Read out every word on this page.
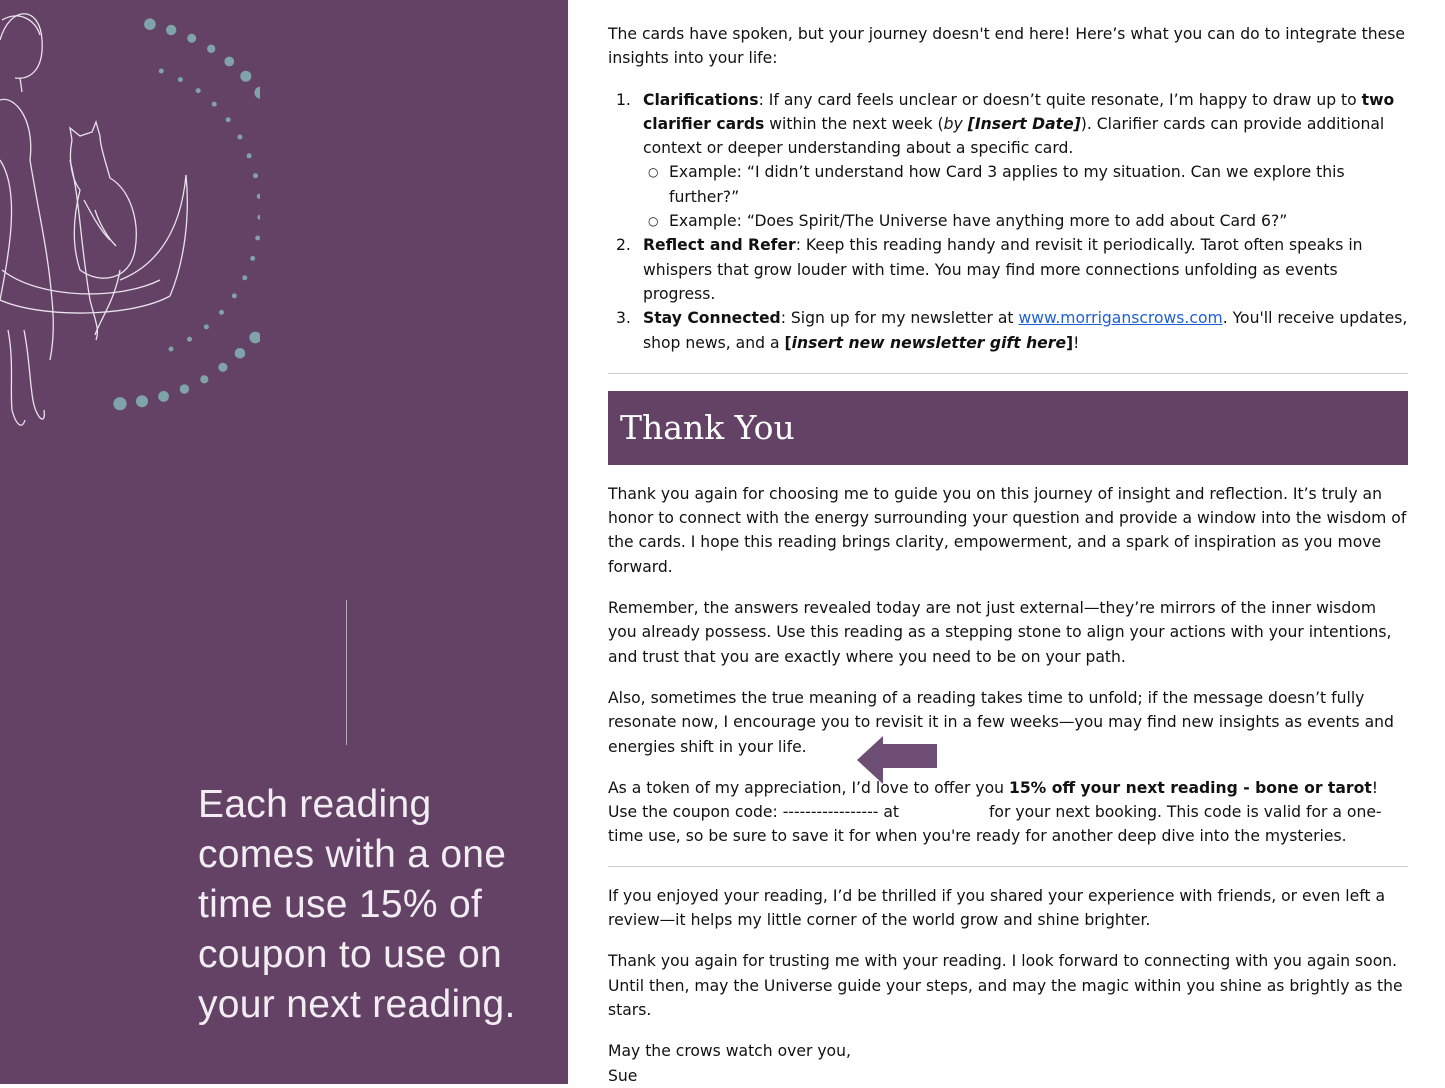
Each reading comes with a one time use 15% of coupon to use on your next reading.

The cards have spoken, but your journey doesn't end here! Here’s what you can do to integrate these insights into your life:

1. Clarifications: If any card feels unclear or doesn’t quite resonate, I’m happy to draw up to two clarifier cards within the next week (by [Insert Date]). Clarifier cards can provide additional context or deeper understanding about a specific card.
○ Example: “I didn’t understand how Card 3 applies to my situation. Can we explore this further?”
○ Example: “Does Spirit/The Universe have anything more to add about Card 6?”
2. Reflect and Refer: Keep this reading handy and revisit it periodically. Tarot often speaks in whispers that grow louder with time. You may find more connections unfolding as events progress.
3. Stay Connected: Sign up for my newsletter at www.morriganscrows.com. You'll receive updates, shop news, and a [insert new newsletter gift here]!
Thank You

Thank you again for choosing me to guide you on this journey of insight and reflection. It’s truly an honor to connect with the energy surrounding your question and provide a window into the wisdom of the cards. I hope this reading brings clarity, empowerment, and a spark of inspiration as you move forward.

Remember, the answers revealed today are not just external—they’re mirrors of the inner wisdom you already possess. Use this reading as a stepping stone to align your actions with your intentions, and trust that you are exactly where you need to be on your path.

Also, sometimes the true meaning of a reading takes time to unfold; if the message doesn’t fully resonate now, I encourage you to revisit it in a few weeks—you may find new insights as events and energies shift in your life.

As a token of my appreciation, I’d love to offer you 15% off your next reading - bone or tarot! Use the coupon code: ----------------- at	for your next booking. This code is valid for a one-time use, so be sure to save it for when you're ready for another deep dive into the mysteries.

If you enjoyed your reading, I’d be thrilled if you shared your experience with friends, or even left a review—it helps my little corner of the world grow and shine brighter.

Thank you again for trusting me with your reading. I look forward to connecting with you again soon. Until then, may the Universe guide your steps, and may the magic within you shine as brightly as the stars.

May the crows watch over you,
Sue
